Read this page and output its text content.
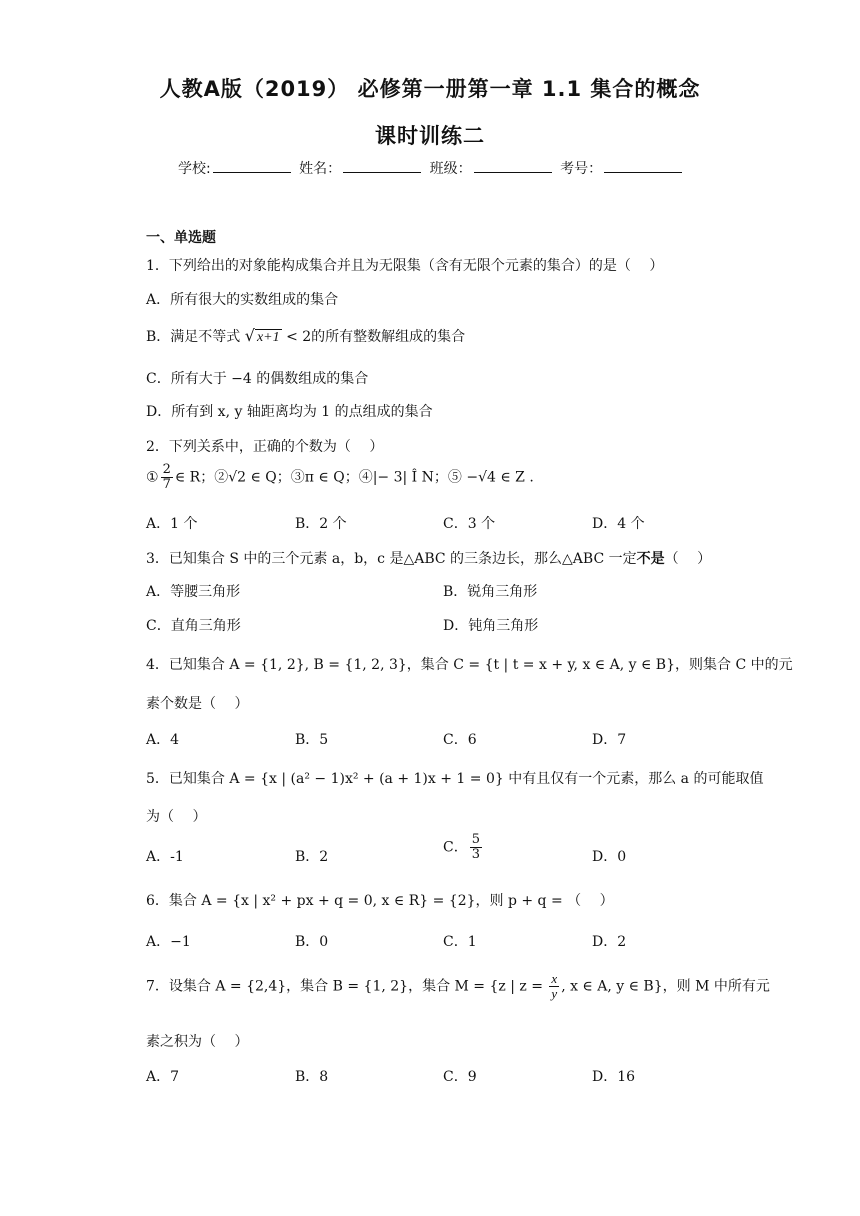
人教A版（2019） 必修第一册第一章 1.1 集合的概念
课时训练二
学校:	姓名：	班级：	考号：
一、单选题
1．下列给出的对象能构成集合并且为无限集（含有无限个元素的集合）的是（　 ）
A．所有很大的实数组成的集合
B．满足不等式 √ x+1 < 2的所有整数解组成的集合
C．所有大于 −4 的偶数组成的集合
D．所有到 x, y 轴距离均为 1 的点组成的集合
2．下列关系中，正确的个数为（　 ）
① $\frac{2}{7}$ ∈ R；②√2 ∈ Q；③π ∈ Q；④|− 3| Î N；⑤ −√4 ∈ Z .
A．1 个	B．2 个	C．3 个	D．4 个
3．已知集合 S 中的三个元素 a，b，c 是△ABC 的三条边长，那么△ABC 一定不是（　 ）
A．等腰三角形	B．锐角三角形
C．直角三角形	D．钝角三角形
4．已知集合 A = {1, 2}, B = {1, 2, 3}，集合 C = {t | t = x + y, x ∈ A, y ∈ B}，则集合 C 中的元
素个数是（　 ）
A．4	B．5	C．6	D．7
5．已知集合 A = {x | (a² − 1)x² + (a + 1)x + 1 = 0} 中有且仅有一个元素，那么 a 的可能取值
为（　 ）
A．-1	B．2
C． $\frac{5}{3}$	D．0
6．集合 A = {x | x² + px + q = 0, x ∈ R} = {2}，则 p + q = （　 ）
A．−1	B．0	C．1	D．2
7．设集合 A = {2,4}，集合 B = {1, 2}，集合 M = {z | $z = \frac{x}{y}$ , x ∈ A, y ∈ B}，则 M 中所有元
素之积为（　 ）
A．7	B．8	C．9	D．16
